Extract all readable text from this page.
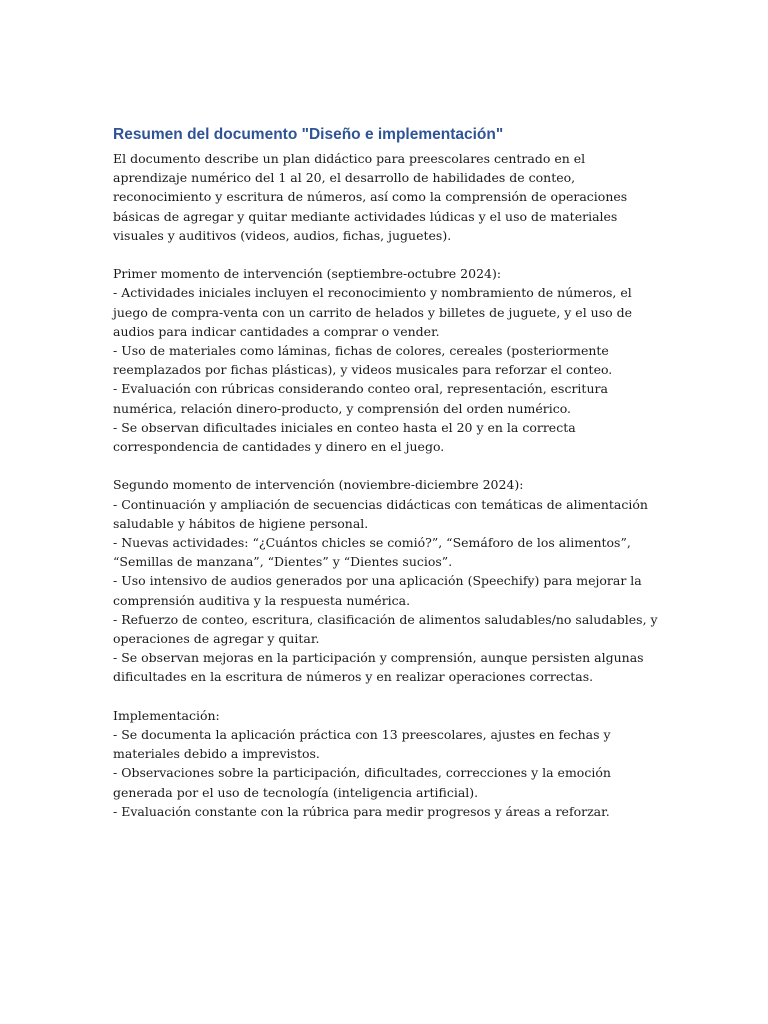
Resumen del documento "Diseño e implementación"

El documento describe un plan didáctico para preescolares centrado en el aprendizaje numérico del 1 al 20, el desarrollo de habilidades de conteo, reconocimiento y escritura de números, así como la comprensión de operaciones básicas de agregar y quitar mediante actividades lúdicas y el uso de materiales visuales y auditivos (videos, audios, fichas, juguetes).

Primer momento de intervención (septiembre-octubre 2024):
- Actividades iniciales incluyen el reconocimiento y nombramiento de números, el juego de compra-venta con un carrito de helados y billetes de juguete, y el uso de audios para indicar cantidades a comprar o vender.
- Uso de materiales como láminas, fichas de colores, cereales (posteriormente reemplazados por fichas plásticas), y videos musicales para reforzar el conteo.
- Evaluación con rúbricas considerando conteo oral, representación, escritura numérica, relación dinero-producto, y comprensión del orden numérico.
- Se observan dificultades iniciales en conteo hasta el 20 y en la correcta correspondencia de cantidades y dinero en el juego.
Segundo momento de intervención (noviembre-diciembre 2024):
- Continuación y ampliación de secuencias didácticas con temáticas de alimentación saludable y hábitos de higiene personal.
- Nuevas actividades: “¿Cuántos chicles se comió?”, “Semáforo de los alimentos”, “Semillas de manzana”, “Dientes” y “Dientes sucios”.
- Uso intensivo de audios generados por una aplicación (Speechify) para mejorar la comprensión auditiva y la respuesta numérica.
- Refuerzo de conteo, escritura, clasificación de alimentos saludables/no saludables, y operaciones de agregar y quitar.
- Se observan mejoras en la participación y comprensión, aunque persisten algunas dificultades en la escritura de números y en realizar operaciones correctas.
Implementación:
- Se documenta la aplicación práctica con 13 preescolares, ajustes en fechas y materiales debido a imprevistos.
- Observaciones sobre la participación, dificultades, correcciones y la emoción generada por el uso de tecnología (inteligencia artificial).
- Evaluación constante con la rúbrica para medir progresos y áreas a reforzar.
